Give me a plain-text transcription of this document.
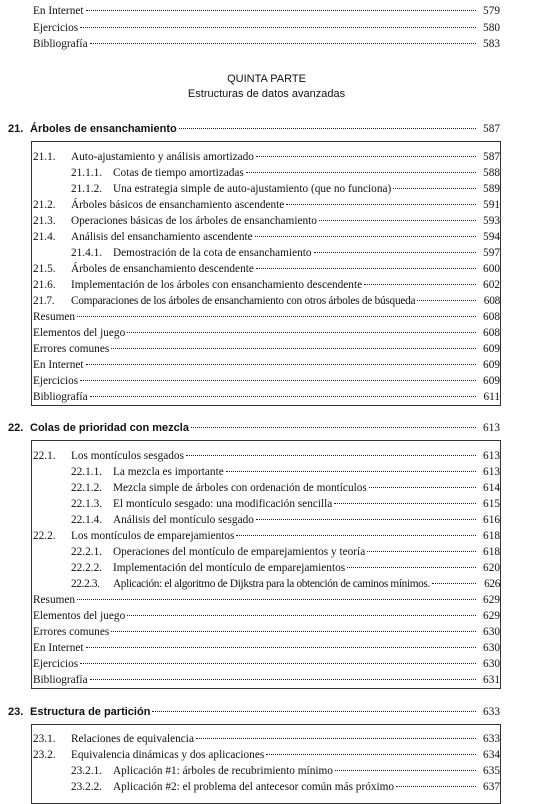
En Internet	579
Ejercicios	580
Bibliografía	583
QUINTA PARTE
Estructuras de datos avanzadas
21. Árboles de ensanchamiento	587
21.1.	Auto-ajustamiento y análisis amortizado	587
21.1.1. Cotas de tiempo amortizadas	588
21.1.2. Una estrategia simple de auto-ajustamiento (que no funciona)	589
21.2.	Árboles básicos de ensanchamiento ascendente	591
21.3.	Operaciones básicas de los árboles de ensanchamiento	593
21.4.	Análisis del ensanchamiento ascendente	594
21.4.1. Demostración de la cota de ensanchamiento	597
21.5.	Árboles de ensanchamiento descendente	600
21.6.	Implementación de los árboles con ensanchamiento descendente	602
21.7.	Comparaciones de los árboles de ensanchamiento con otros árboles de búsqueda	608
Resumen	608
Elementos del juego	608
Errores comunes	609
En Internet	609
Ejercicios	609
Bibliografía	611
22. Colas de prioridad con mezcla	613
22.1.	Los montículos sesgados	613
22.1.1. La mezcla es importante	613
22.1.2. Mezcla simple de árboles con ordenación de montículos	614
22.1.3. El montículo sesgado: una modificación sencilla	615
22.1.4. Análisis del montículo sesgado	616
22.2.	Los montículos de emparejamientos	618
22.2.1. Operaciones del montículo de emparejamientos y teoría	618
22.2.2. Implementación del montículo de emparejamientos	620
22.2.3.	Aplicación: el algoritmo de Dijkstra para la obtención de caminos mínimos.	626
Resumen	629
Elementos del juego	629
Errores comunes	630
En Internet	630
Ejercicios	630
Bibliografía	631
23. Estructura de partición	633
23.1.	Relaciones de equivalencia	633
23.2.	Equivalencia dinámicas y dos aplicaciones	634
23.2.1. Aplicación #1: árboles de recubrimiento mínimo	635
23.2.2. Aplicación #2: el problema del antecesor común más próximo	637
